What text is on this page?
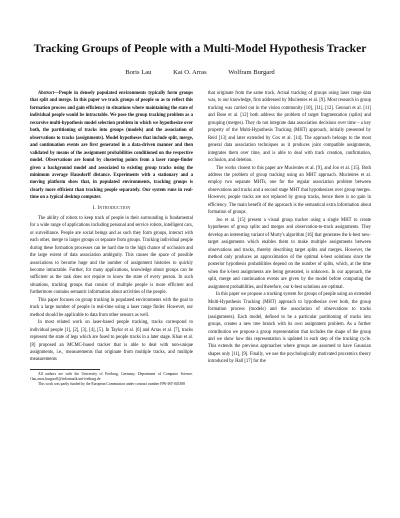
Tracking Groups of People with a Multi-Model Hypothesis Tracker
Boris Lau	Kai O. Arras	Wolfram Burgard

Abstract—People in densely populated environments typically form groups that split and merge. In this paper we track groups of people so as to reflect this formation process and gain efficiency in situations where maintaining the state of individual people would be intractable. We pose the group tracking problem as a recursive multi-hypothesis model selection problem in which we hypothesize over both, the partitioning of tracks into groups (models) and the association of observations to tracks (assignments). Model hypotheses that include split, merge, and continuation events are first generated in a data-driven manner and then validated by means of the assignment probabilities conditioned on the respective model. Observations are found by clustering points from a laser range-finder given a background model and associated to existing group tracks using the minimum average Hausdorff distance. Experiments with a stationary and a moving platform show that, in populated environments, tracking groups is clearly more efficient than tracking people separately. Our system runs in real-time on a typical desktop computer.

I. Introduction

The ability of robots to keep track of people in their surrounding is fundamental for a wide range of applications including personal and service robots, intelligent cars, or surveillance. People are social beings and as such they form groups, interact with each other, merge to larger groups or separate from groups. Tracking individual people during these formation processes can be hard due to the high chance of occlusion and the large extent of data association ambiguity. This causes the space of possible associations to become huge and the number of assignment histories to quickly become intractable. Further, for many applications, knowledge about groups can be sufficient as the task does not require to know the state of every person. In such situations, tracking groups that consist of multiple people is more efficient and furthermore contains semantic information about activities of the people.

This paper focuses on group tracking in populated environments with the goal to track a large number of people in real-time using a laser range finder. However, our method should be applicable to data from other sensors as well.

In most related work on laser-based people tracking, tracks correspond to individual people [1], [2], [3], [4], [5]. In Taylor et al. [6] and Arras et al. [7], tracks represent the state of legs which are fused to people tracks in a later stage. Khan et al. [8] proposed an MCMC-based tracker that is able to deal with non-unique assignments, i.e., measurements that originate from multiple tracks, and multiple measurements

All authors are with the University of Freiburg, Germany, Department of Computer Science. {lau,arras,burgard}@informatik.uni-freiburg.de

This work was partly funded by the European Commission under contract number FP6-IST-045388

that originate from the same track. Actual tracking of groups using laser range data was, to our knowledge, first addressed by Mucientes et al. [9]. Most research in group tracking was carried out in the vision community [10], [11], [12]. Gennari et al. [11] and Bose et al. [12] both address the problem of target fragmentation (splits) and grouping (merges). They do not integrate data association decisions over time – a key property of the Multi-Hypothesis Tracking (MHT) approach, initially presented by Reid [13] and later extended by Cox et al. [14]. The approach belongs to the most general data association techniques as it produces joint compatible assignments, integrates them over time, and is able to deal with track creation, confirmation, occlusion, and deletion.

The works closest to this paper are Mucientes et al. [9], and Joo et al. [15]. Both address the problem of group tracking using an MHT approach. Mucientes et al. employ two separate MHTs, one for the regular association problem between observations and tracks and a second stage MHT that hypothesizes over group merges. However, people tracks are not replaced by group tracks, hence there is no gain in efficiency. The main benefit of the approach is the semantical extra information about formation of groups.

Joo et al. [15] present a visual group tracker using a single MHT to create hypotheses of group splits and merges and observation-to-track assignments. They develop an interesting variant of Murty's algorithm [16] that generates the k-best new-target assignments which enables them to make multiple assignments between observations and tracks, thereby describing target splits and merges. However, the method only produces an approximation of the optimal k-best solutions since the posterior hypothesis probabilities depend on the number of splits, which, at the time when the k-best assignments are being generated, is unknown. In our approach, the split, merge and continuation events are given by the model before computing the assignment probabilities, and therefore, our k-best solutions are optimal.

In this paper we propose a tracking system for groups of people using an extended Multi-Hypothesis Tracking (MHT) approach to hypothesize over both, the group formation process (models) and the association of observations to tracks (assignments). Each model, defined to be a particular partitioning of tracks into groups, creates a new tree branch with its own assignment problem. As a further contribution we propose a group representation that includes the shape of the group and we show how this representation is updated in each step of the tracking cycle. This extends the previous approaches where groups are assumed to have Gaussian shapes only [11], [9]. Finally, we use the psychologically motivated proxemics theory introduced by Hall [17] for the
